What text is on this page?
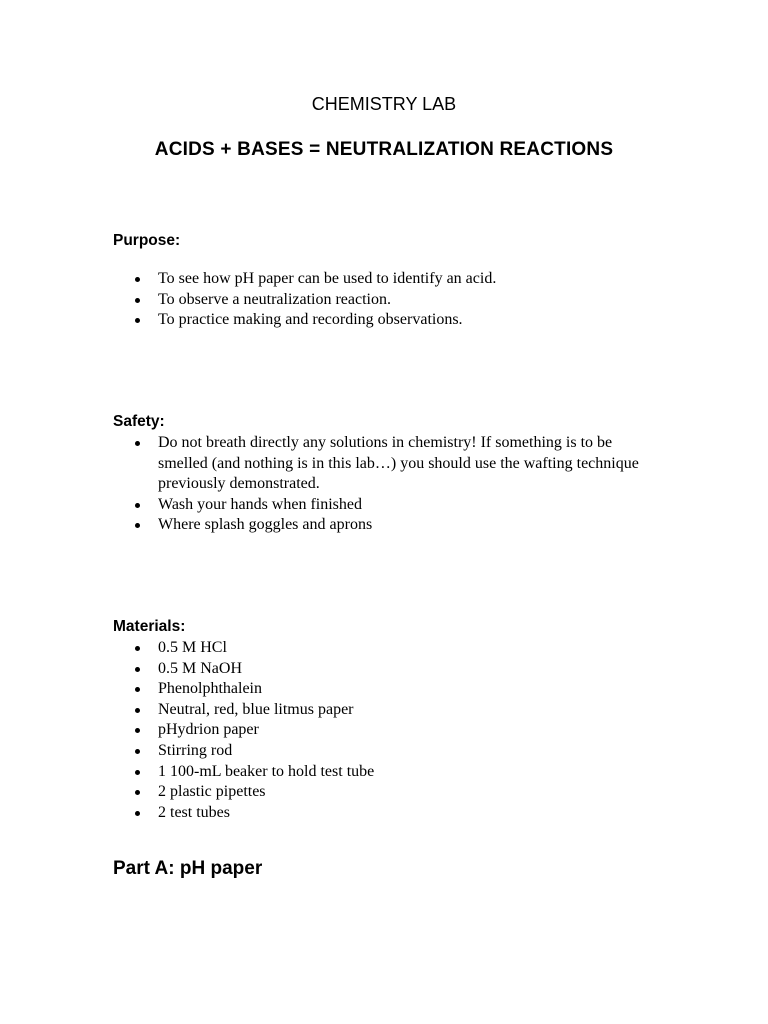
CHEMISTRY LAB
ACIDS + BASES = NEUTRALIZATION REACTIONS
Purpose:
To see how pH paper can be used to identify an acid.
To observe a neutralization reaction.
To practice making and recording observations.
Safety:
Do not breath directly any solutions in chemistry! If something is to be smelled (and nothing is in this lab…) you should use the wafting technique previously demonstrated.
Wash your hands when finished
Where splash goggles and aprons
Materials:
0.5 M HCl
0.5 M NaOH
Phenolphthalein
Neutral, red, blue litmus paper
pHydrion paper
Stirring rod
1 100-mL beaker to hold test tube
2 plastic pipettes
2 test tubes
Part A: pH paper
